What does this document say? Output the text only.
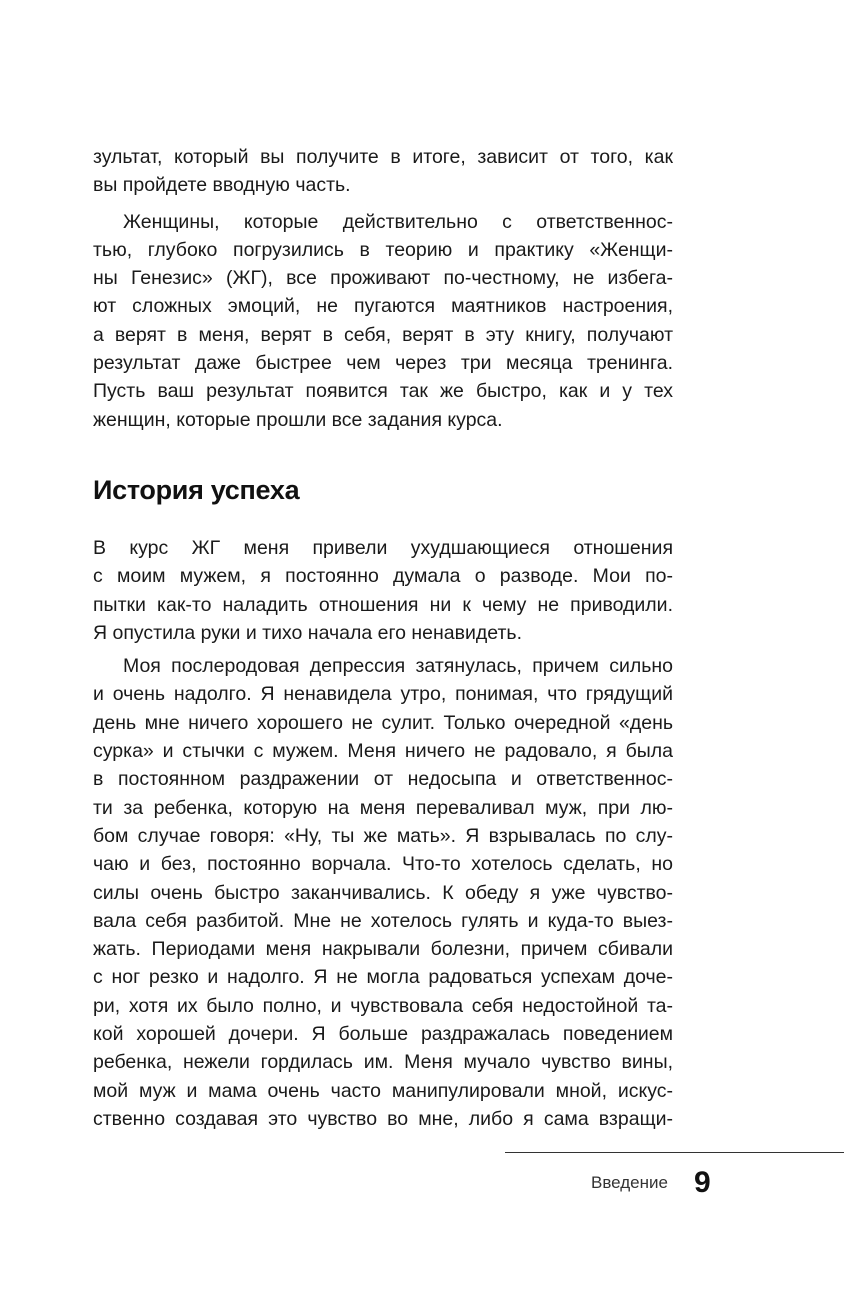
зультат, который вы получите в итоге, зависит от того, как
вы пройдете вводную часть.
Женщины, которые действительно с ответственнос-
тью, глубоко погрузились в теорию и практику «Женщи-
ны Генезис» (ЖГ), все проживают по-честному, не избега-
ют сложных эмоций, не пугаются маятников настроения,
а верят в меня, верят в себя, верят в эту книгу, получают
результат даже быстрее чем через три месяца тренинга.
Пусть ваш результат появится так же быстро, как и у тех
женщин, которые прошли все задания курса.
История успеха
В курс ЖГ меня привели ухудшающиеся отношения
с моим мужем, я постоянно думала о разводе. Мои по-
пытки как-то наладить отношения ни к чему не приводили.
Я опустила руки и тихо начала его ненавидеть.
Моя послеродовая депрессия затянулась, причем сильно
и очень надолго. Я ненавидела утро, понимая, что грядущий
день мне ничего хорошего не сулит. Только очередной «день
сурка» и стычки с мужем. Меня ничего не радовало, я была
в постоянном раздражении от недосыпа и ответственнос-
ти за ребенка, которую на меня переваливал муж, при лю-
бом случае говоря: «Ну, ты же мать». Я взрывалась по слу-
чаю и без, постоянно ворчала. Что-то хотелось сделать, но
силы очень быстро заканчивались. К обеду я уже чувство-
вала себя разбитой. Мне не хотелось гулять и куда-то выез-
жать. Периодами меня накрывали болезни, причем сбивали
с ног резко и надолго. Я не могла радоваться успехам доче-
ри, хотя их было полно, и чувствовала себя недостойной та-
кой хорошей дочери. Я больше раздражалась поведением
ребенка, нежели гордилась им. Меня мучало чувство вины,
мой муж и мама очень часто манипулировали мной, искус-
ственно создавая это чувство во мне, либо я сама взращи-
Введение 9
